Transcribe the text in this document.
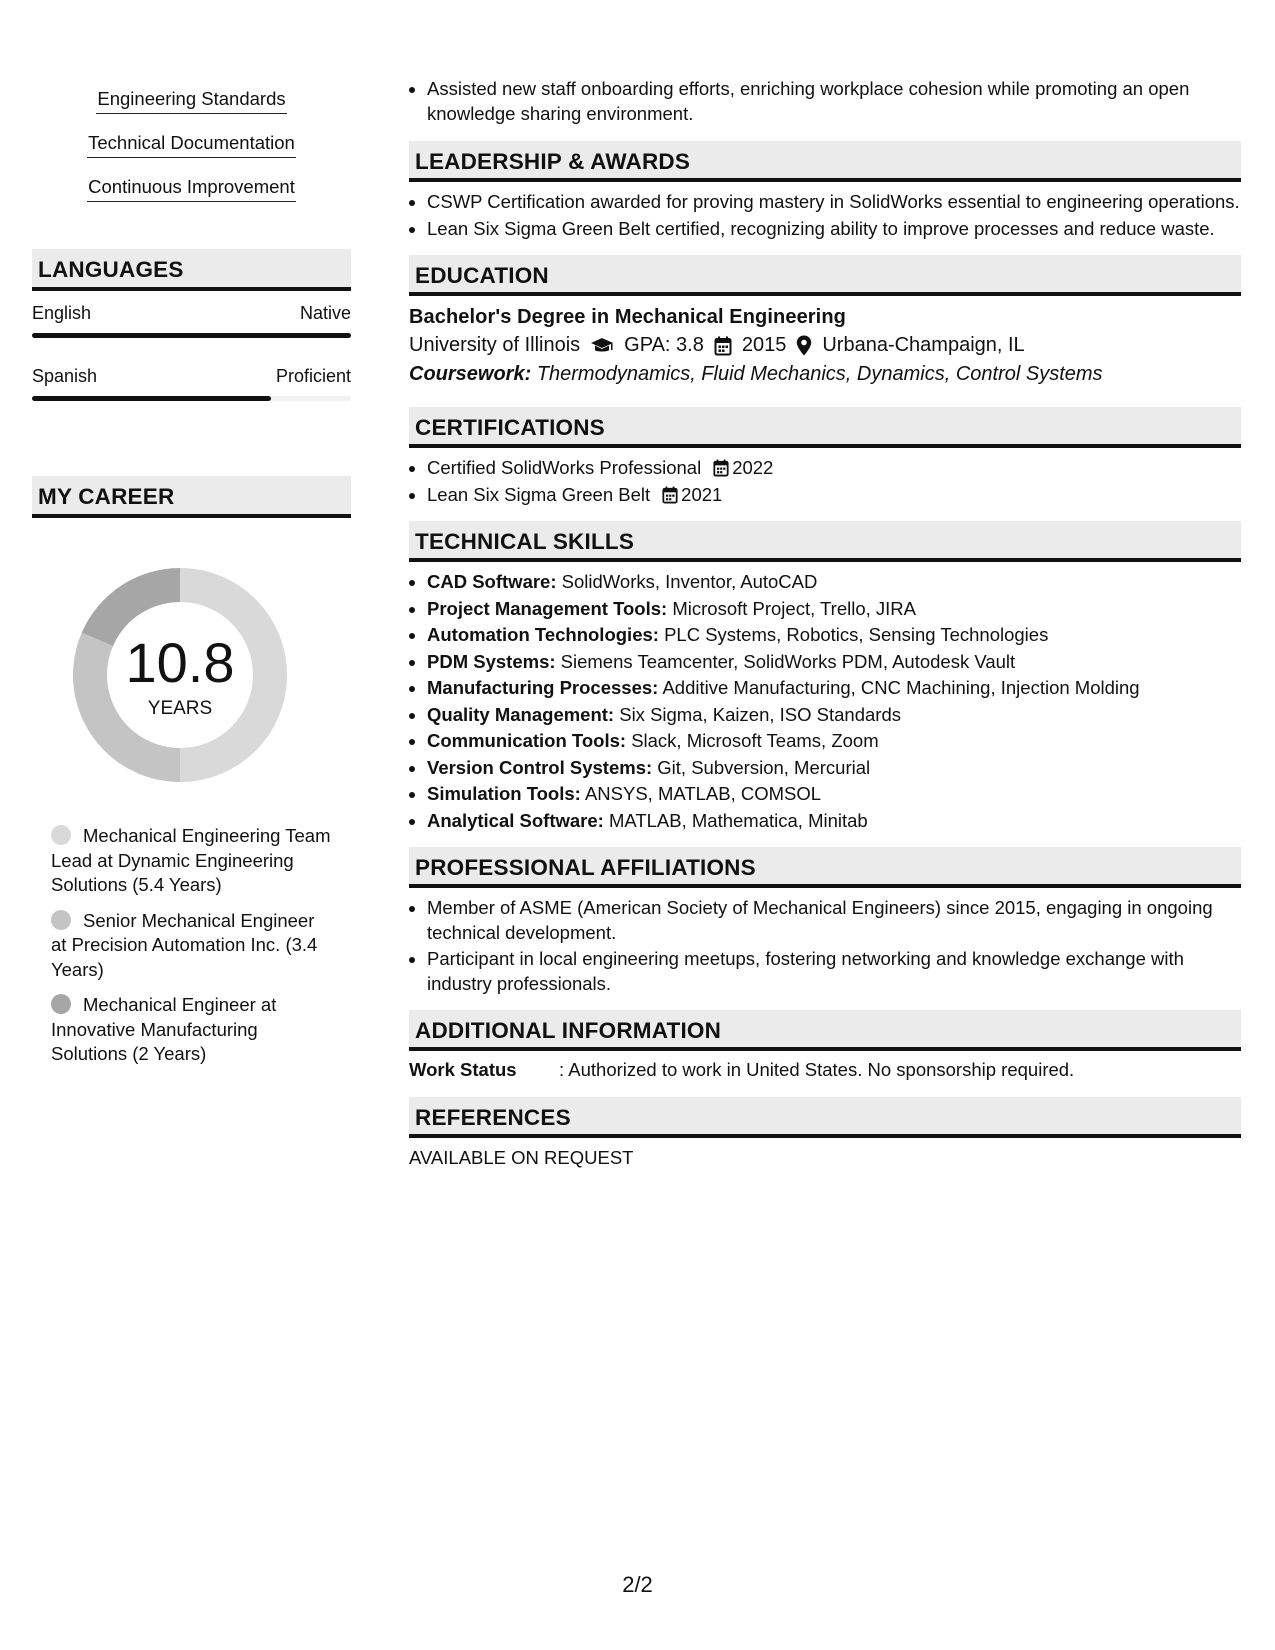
Engineering Standards
Technical Documentation
Continuous Improvement
LANGUAGES
English	Native
Spanish	Proficient
MY CAREER
10.8
YEARS
Mechanical Engineering Team Lead at Dynamic Engineering Solutions (5.4 Years)
Senior Mechanical Engineer at Precision Automation Inc. (3.4 Years)
Mechanical Engineer at Innovative Manufacturing Solutions (2 Years)
• Assisted new staff onboarding efforts, enriching workplace cohesion while promoting an open knowledge sharing environment.
LEADERSHIP & AWARDS
• CSWP Certification awarded for proving mastery in SolidWorks essential to engineering operations.
• Lean Six Sigma Green Belt certified, recognizing ability to improve processes and reduce waste.
EDUCATION
Bachelor's Degree in Mechanical Engineering
University of Illinois GPA: 3.8 2015 Urbana-Champaign, IL
Coursework: Thermodynamics, Fluid Mechanics, Dynamics, Control Systems
CERTIFICATIONS
• Certified SolidWorks Professional 2022
• Lean Six Sigma Green Belt 2021
TECHNICAL SKILLS
• CAD Software: SolidWorks, Inventor, AutoCAD
• Project Management Tools: Microsoft Project, Trello, JIRA
• Automation Technologies: PLC Systems, Robotics, Sensing Technologies
• PDM Systems: Siemens Teamcenter, SolidWorks PDM, Autodesk Vault
• Manufacturing Processes: Additive Manufacturing, CNC Machining, Injection Molding
• Quality Management: Six Sigma, Kaizen, ISO Standards
• Communication Tools: Slack, Microsoft Teams, Zoom
• Version Control Systems: Git, Subversion, Mercurial
• Simulation Tools: ANSYS, MATLAB, COMSOL
• Analytical Software: MATLAB, Mathematica, Minitab
PROFESSIONAL AFFILIATIONS
• Member of ASME (American Society of Mechanical Engineers) since 2015, engaging in ongoing technical development.
• Participant in local engineering meetups, fostering networking and knowledge exchange with industry professionals.
ADDITIONAL INFORMATION
Work Status	: Authorized to work in United States. No sponsorship required.
REFERENCES
AVAILABLE ON REQUEST
2/2
